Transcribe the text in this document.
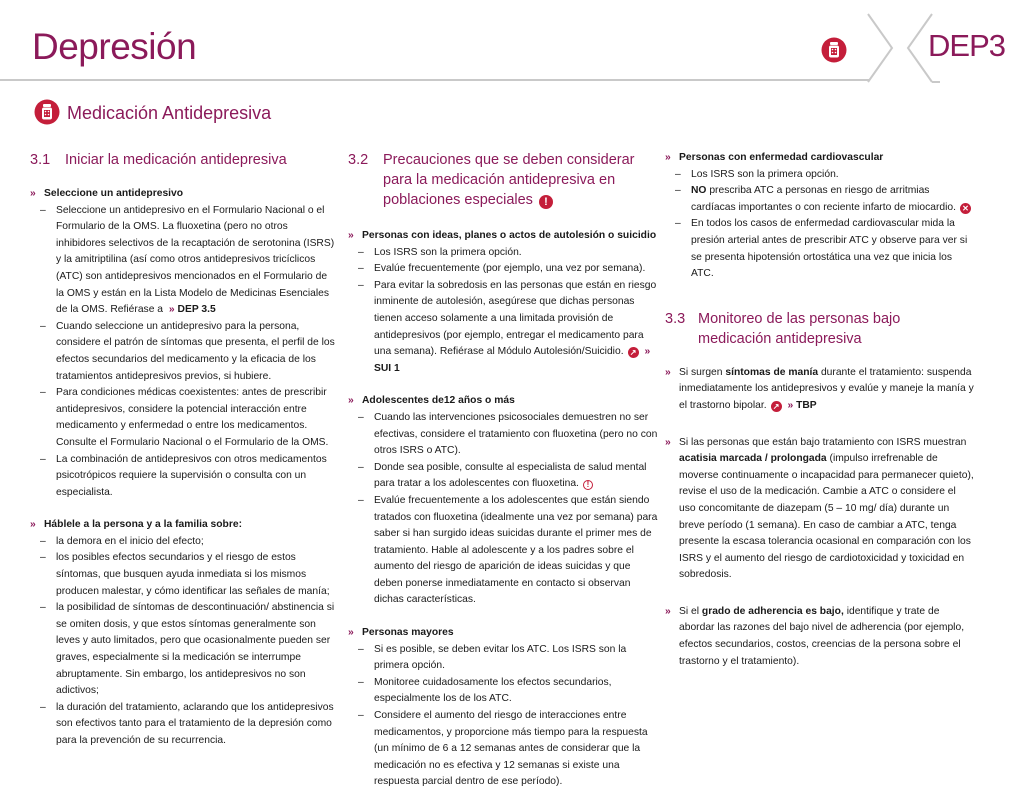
Depresión	DEP3
Medicación Antidepresiva
3.1	Iniciar la medicación antidepresiva
» Seleccione un antidepresivo
– Seleccione un antidepresivo en el Formulario Nacional o el Formulario de la OMS. La fluoxetina (pero no otros inhibidores selectivos de la recaptación de serotonina (ISRS) y la amitriptilina (así como otros antidepresivos tricíclicos (ATC) son antidepresivos mencionados en el Formulario de la OMS y están en la Lista Modelo de Medicinas Esenciales de la OMS. Refiérase a » DEP 3.5
– Cuando seleccione un antidepresivo para la persona, considere el patrón de síntomas que presenta, el perfil de los efectos secundarios del medicamento y la eficacia de los tratamientos antidepresivos previos, si hubiere.
– Para condiciones médicas coexistentes: antes de prescribir antidepresivos, considere la potencial interacción entre medicamento y enfermedad o entre los medicamentos. Consulte el Formulario Nacional o el Formulario de la OMS.
– La combinación de antidepresivos con otros medicamentos psicotrópicos requiere la supervisión o consulta con un especialista.
» Háblele a la persona y a la familia sobre:
– la demora en el inicio del efecto;
– los posibles efectos secundarios y el riesgo de estos síntomas, que busquen ayuda inmediata si los mismos producen malestar, y cómo identificar las señales de manía;
– la posibilidad de síntomas de descontinuación/ abstinencia si se omiten dosis, y que estos síntomas generalmente son leves y auto limitados, pero que ocasionalmente pueden ser graves, especialmente si la medicación se interrumpe abruptamente. Sin embargo, los antidepresivos no son adictivos;
– la duración del tratamiento, aclarando que los antidepresivos son efectivos tanto para el tratamiento de la depresión como para la prevención de su recurrencia.
3.2	Precauciones que se deben considerar para la medicación antidepresiva en poblaciones especiales !
» Personas con ideas, planes o actos de autolesión o suicidio
– Los ISRS son la primera opción.
– Evalúe frecuentemente (por ejemplo, una vez por semana).
– Para evitar la sobredosis en las personas que están en riesgo inminente de autolesión, asegúrese que dichas personas tienen acceso solamente a una limitada provisión de antidepresivos (por ejemplo, entregar el medicamento para una semana). Refiérase al Módulo Autolesión/Suicidio. ↗ » SUI 1
» Adolescentes de12 años o más
– Cuando las intervenciones psicosociales demuestren no ser efectivas, considere el tratamiento con fluoxetina (pero no con otros ISRS o ATC).
– Donde sea posible, consulte al especialista de salud mental para tratar a los adolescentes con fluoxetina. !
– Evalúe frecuentemente a los adolescentes que están siendo tratados con fluoxetina (idealmente una vez por semana) para saber si han surgido ideas suicidas durante el primer mes de tratamiento. Hable al adolescente y a los padres sobre el aumento del riesgo de aparición de ideas suicidas y que deben ponerse inmediatamente en contacto si observan dichas características.
» Personas mayores
– Si es posible, se deben evitar los ATC. Los ISRS son la primera opción.
– Monitoree cuidadosamente los efectos secundarios, especialmente los de los ATC.
– Considere el aumento del riesgo de interacciones entre medicamentos, y proporcione más tiempo para la respuesta (un mínimo de 6 a 12 semanas antes de considerar que la medicación no es efectiva y 12 semanas si existe una respuesta parcial dentro de ese período).
» Personas con enfermedad cardiovascular
– Los ISRS son la primera opción.
– NO prescriba ATC a personas en riesgo de arritmias cardíacas importantes o con reciente infarto de miocardio. ✕
– En todos los casos de enfermedad cardiovascular mida la presión arterial antes de prescribir ATC y observe para ver si se presenta hipotensión ortostática una vez que inicia los ATC.
3.3 Monitoreo de las personas bajo medicación antidepresiva
» Si surgen síntomas de manía durante el tratamiento: suspenda inmediatamente los antidepresivos y evalúe y maneje la manía y el trastorno bipolar. ↗ » TBP
» Si las personas que están bajo tratamiento con ISRS muestran acatisia marcada / prolongada (impulso irrefrenable de moverse continuamente o incapacidad para permanecer quieto), revise el uso de la medicación. Cambie a ATC o considere el uso concomitante de diazepam (5 – 10 mg/ día) durante un breve período (1 semana). En caso de cambiar a ATC, tenga presente la escasa tolerancia ocasional en comparación con los ISRS y el aumento del riesgo de cardiotoxicidad y toxicidad en sobredosis.
» Si el grado de adherencia es bajo, identifique y trate de abordar las razones del bajo nivel de adherencia (por ejemplo, efectos secundarios, costos, creencias de la persona sobre el trastorno y el tratamiento).
